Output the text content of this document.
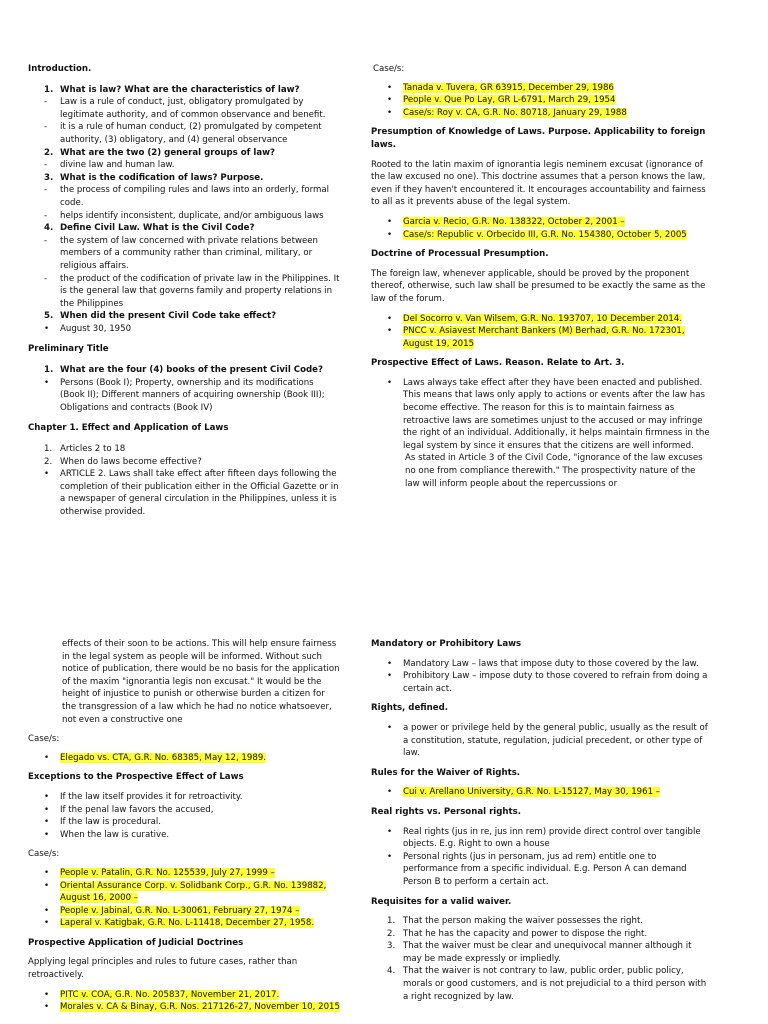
Introduction.

1. What is law? What are the characteristics of law?
- Law is a rule of conduct, just, obligatory promulgated by legitimate authority, and of common observance and benefit.
- it is a rule of human conduct, (2) promulgated by competent authority, (3) obligatory, and (4) general observance
2. What are the two (2) general groups of law?
- divine law and human law.
3. What is the codification of laws? Purpose.
- the process of compiling rules and laws into an orderly, formal code.
- helps identify inconsistent, duplicate, and/or ambiguous laws
4. Define Civil Law. What is the Civil Code?
- the system of law concerned with private relations between members of a community rather than criminal, military, or religious affairs.
- the product of the codification of private law in the Philippines. It is the general law that governs family and property relations in the Philippines
5. When did the present Civil Code take effect?
•
August 30, 1950

Preliminary Title

1. What are the four (4) books of the present Civil Code?
•
Persons (Book I); Property, ownership and its modifications (Book II); Different manners of acquiring ownership (Book III); Obligations and contracts (Book IV)

Chapter 1. Effect and Application of Laws

1. Articles 2 to 18
2. When do laws become effective?
•
ARTICLE 2. Laws shall take effect after fifteen days following the completion of their publication either in the Official Gazette or in a newspaper of general circulation in the Philippines, unless it is otherwise provided.

Case/s:

•
Tanada v. Tuvera, GR 63915, December 29, 1986
•
People v. Que Po Lay, GR L-6791, March 29, 1954
•
Case/s: Roy v. CA, G.R. No. 80718, January 29, 1988

Presumption of Knowledge of Laws. Purpose. Applicability to foreign laws.

Rooted to the latin maxim of ignorantia legis neminem excusat (ignorance of the law excused no one). This doctrine assumes that a person knows the law, even if they haven't encountered it. It encourages accountability and fairness to all as it prevents abuse of the legal system.

•
Garcia v. Recio, G.R. No. 138322, October 2, 2001 –
•
Case/s: Republic v. Orbecido III, G.R. No. 154380, October 5, 2005

Doctrine of Processual Presumption.

The foreign law, whenever applicable, should be proved by the proponent thereof, otherwise, such law shall be presumed to be exactly the same as the law of the forum.

•
Del Socorro v. Van Wilsem, G.R. No. 193707, 10 December 2014.
•
PNCC v. Asiavest Merchant Bankers (M) Berhad, G.R. No. 172301, August 19, 2015

Prospective Effect of Laws. Reason. Relate to Art. 3.

•
Laws always take effect after they have been enacted and published. This means that laws only apply to actions or events after the law has become effective. The reason for this is to maintain fairness as retroactive laws are sometimes unjust to the accused or may infringe the right of an individual. Additionally, it helps maintain firmness in the legal system by since it ensures that the citizens are well informed.
As stated in Article 3 of the Civil Code, "ignorance of the law excuses no one from compliance therewith." The prospectivity nature of the law will inform people about the repercussions or
effects of their soon to be actions. This will help ensure fairness in the legal system as people will be informed. Without such notice of publication, there would be no basis for the application of the maxim "ignorantia legis non excusat." It would be the height of injustice to punish or otherwise burden a citizen for the transgression of a law which he had no notice whatsoever, not even a constructive one

Case/s:

•
Elegado vs. CTA, G.R. No. 68385, May 12, 1989.

Exceptions to the Prospective Effect of Laws

•
If the law itself provides it for retroactivity.
•
If the penal law favors the accused,
•
If the law is procedural.
•
When the law is curative.

Case/s:

•
People v. Patalin, G.R. No. 125539, July 27, 1999 –
•
Oriental Assurance Corp. v. Solidbank Corp., G.R. No. 139882, August 16, 2000 –
•
People v. Jabinal, G.R. No. L-30061, February 27, 1974 –
•
Laperal v. Katigbak, G.R. No. L-11418, December 27, 1958.

Prospective Application of Judicial Doctrines

Applying legal principles and rules to future cases, rather than retroactively.

•
PITC v. COA, G.R. No. 205837, November 21, 2017.
•
Morales v. CA & Binay, G.R. Nos. 217126-27, November 10, 2015

Mandatory or Prohibitory Laws

•
Mandatory Law – laws that impose duty to those covered by the law.
•
Prohibitory Law – impose duty to those covered to refrain from doing a certain act.

Rights, defined.

•
a power or privilege held by the general public, usually as the result of a constitution, statute, regulation, judicial precedent, or other type of law.

Rules for the Waiver of Rights.

•
Cui v. Arellano University, G.R. No. L-15127, May 30, 1961 –

Real rights vs. Personal rights.

•
Real rights (jus in re, jus inn rem) provide direct control over tangible objects. E.g. Right to own a house
•
Personal rights (jus in personam, jus ad rem) entitle one to performance from a specific individual. E.g. Person A can demand Person B to perform a certain act.

Requisites for a valid waiver.

1. That the person making the waiver possesses the right.
2. That he has the capacity and power to dispose the right.
3. That the waiver must be clear and unequivocal manner although it may be made expressly or impliedly.
4. That the waiver is not contrary to law, public order, public policy, morals or good customers, and is not prejudicial to a third person with a right recognized by law.
